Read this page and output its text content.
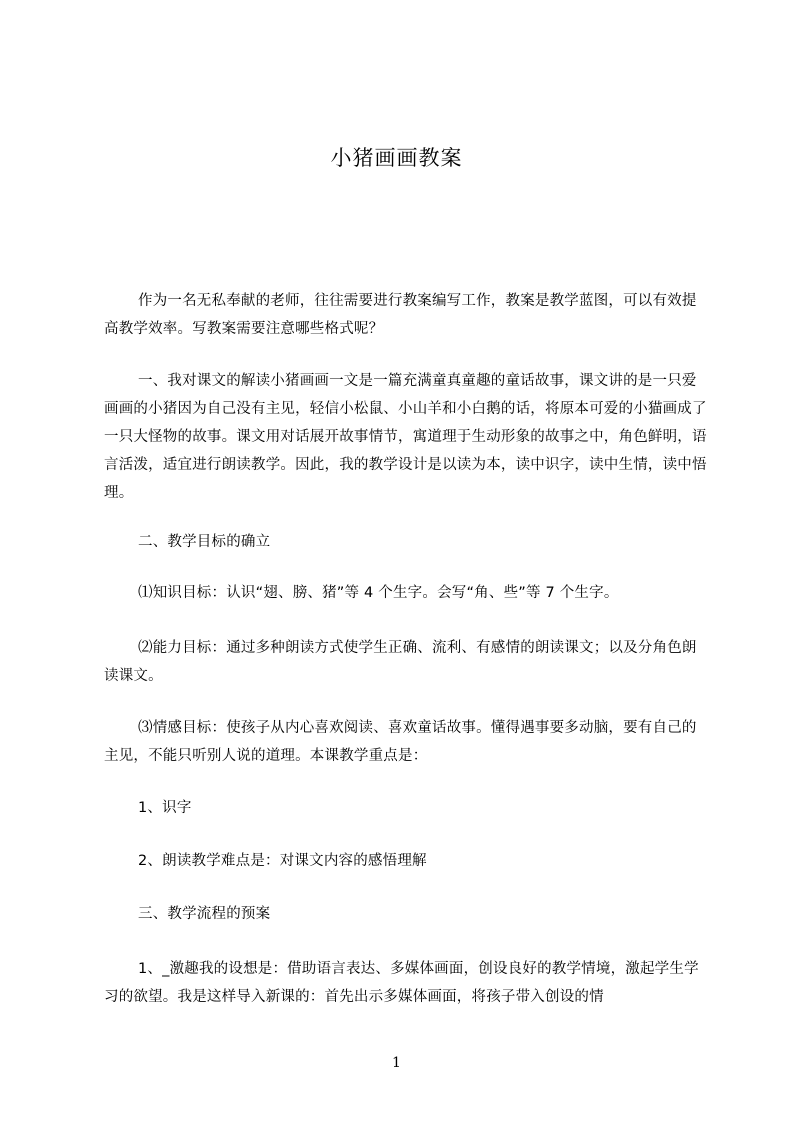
小猪画画教案

作为一名无私奉献的老师，往往需要进行教案编写工作，教案是教学蓝图，可以有效提高教学效率。写教案需要注意哪些格式呢？

一、我对课文的解读小猪画画一文是一篇充满童真童趣的童话故事，课文讲的是一只爱画画的小猪因为自己没有主见，轻信小松鼠、小山羊和小白鹅的话，将原本可爱的小猫画成了一只大怪物的故事。课文用对话展开故事情节，寓道理于生动形象的故事之中，角色鲜明，语言活泼，适宜进行朗读教学。因此，我的教学设计是以读为本，读中识字，读中生情，读中悟理。

二、教学目标的确立

⑴知识目标：认识“翅、膀、猪”等 4 个生字。会写“角、些”等 7 个生字。

⑵能力目标：通过多种朗读方式使学生正确、流利、有感情的朗读课文；以及分角色朗读课文。

⑶情感目标：使孩子从内心喜欢阅读、喜欢童话故事。懂得遇事要多动脑，要有自己的主见，不能只听别人说的道理。本课教学重点是：

1、识字

2、朗读教学难点是：对课文内容的感悟理解

三、教学流程的预案

1、_激趣我的设想是：借助语言表达、多媒体画面，创设良好的教学情境，激起学生学习的欲望。我是这样导入新课的：首先出示多媒体画面，将孩子带入创设的情

1
